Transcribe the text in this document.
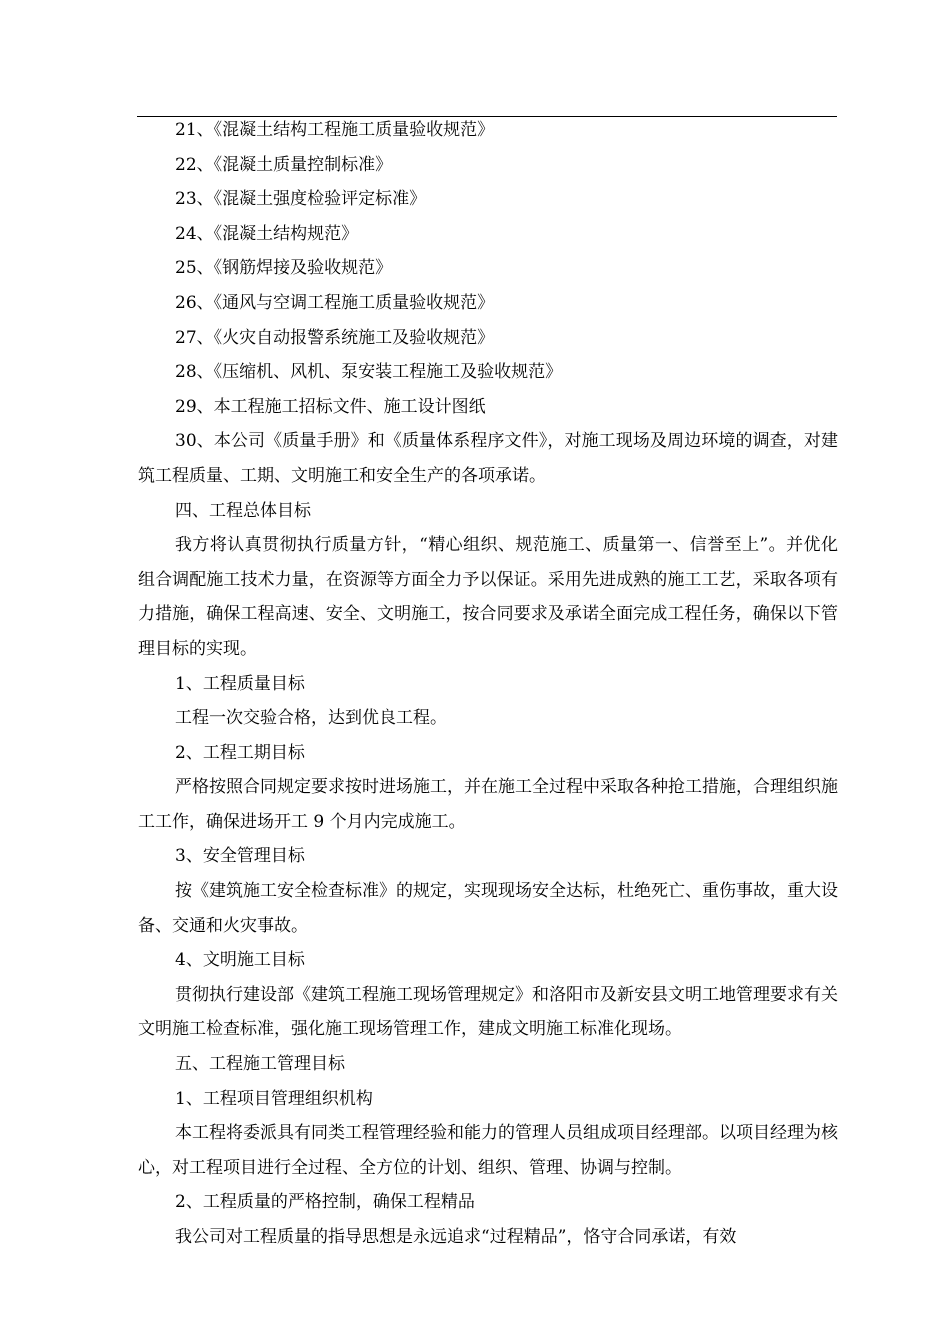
21、《混凝土结构工程施工质量验收规范》

22、《混凝土质量控制标准》

23、《混凝土强度检验评定标准》

24、《混凝土结构规范》

25、《钢筋焊接及验收规范》

26、《通风与空调工程施工质量验收规范》

27、《火灾自动报警系统施工及验收规范》

28、《压缩机、风机、泵安装工程施工及验收规范》

29、本工程施工招标文件、施工设计图纸

30、本公司《质量手册》和《质量体系程序文件》，对施工现场及周边环境的调查，对建筑工程质量、工期、文明施工和安全生产的各项承诺。

四、工程总体目标

我方将认真贯彻执行质量方针，“精心组织、规范施工、质量第一、信誉至上”。并优化组合调配施工技术力量，在资源等方面全力予以保证。采用先进成熟的施工工艺，采取各项有力措施，确保工程高速、安全、文明施工，按合同要求及承诺全面完成工程任务，确保以下管理目标的实现。

1、工程质量目标

工程一次交验合格，达到优良工程。

2、工程工期目标

严格按照合同规定要求按时进场施工，并在施工全过程中采取各种抢工措施，合理组织施工工作，确保进场开工 9 个月内完成施工。

3、安全管理目标

按《建筑施工安全检查标准》的规定，实现现场安全达标，杜绝死亡、重伤事故，重大设备、交通和火灾事故。

4、文明施工目标

贯彻执行建设部《建筑工程施工现场管理规定》和洛阳市及新安县文明工地管理要求有关文明施工检查标准，强化施工现场管理工作，建成文明施工标准化现场。

五、工程施工管理目标

1、工程项目管理组织机构

本工程将委派具有同类工程管理经验和能力的管理人员组成项目经理部。以项目经理为核心，对工程项目进行全过程、全方位的计划、组织、管理、协调与控制。

2、工程质量的严格控制，确保工程精品

我公司对工程质量的指导思想是永远追求“过程精品”，恪守合同承诺，有效
